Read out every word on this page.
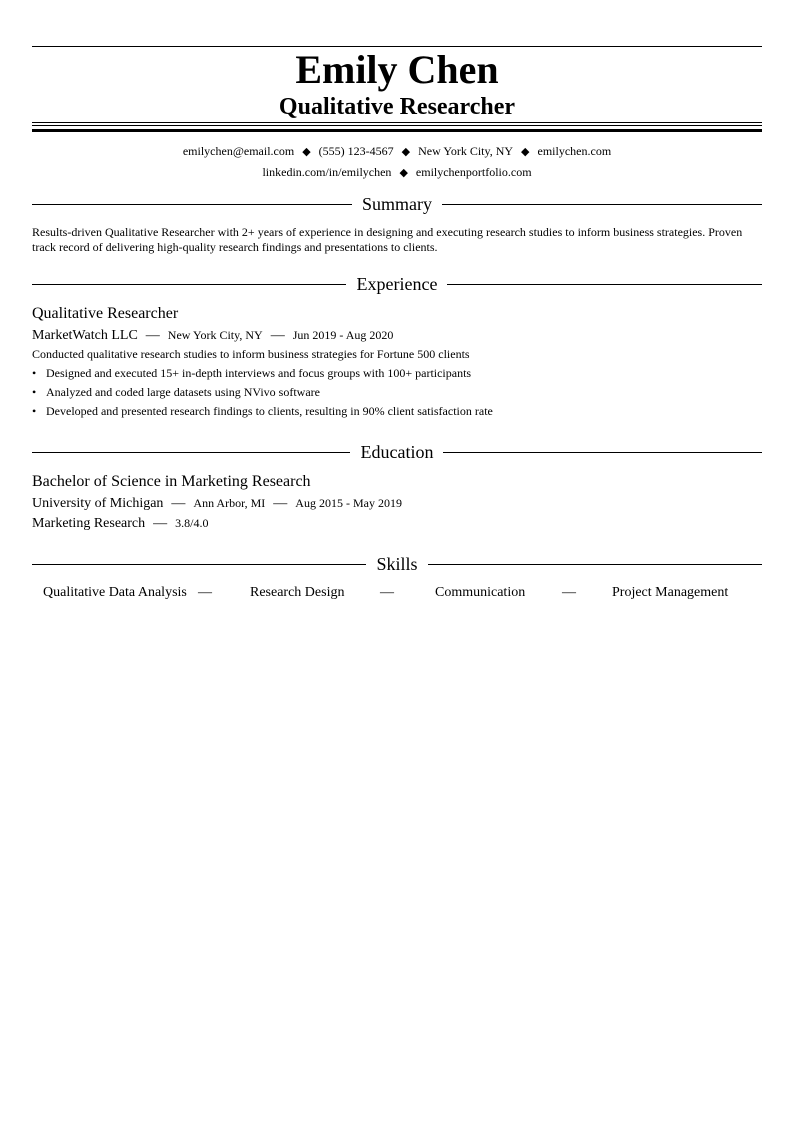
Emily Chen
Qualitative Researcher
emilychen@email.com ◆ (555) 123-4567 ◆ New York City, NY ◆ emilychen.com
linkedin.com/in/emilychen ◆ emilychenportfolio.com
Summary
Results-driven Qualitative Researcher with 2+ years of experience in designing and executing research studies to inform business strategies. Proven track record of delivering high-quality research findings and presentations to clients.
Experience
Qualitative Researcher
MarketWatch LLC — New York City, NY — Jun 2019 - Aug 2020
Conducted qualitative research studies to inform business strategies for Fortune 500 clients
• Designed and executed 15+ in-depth interviews and focus groups with 100+ participants
• Analyzed and coded large datasets using NVivo software
• Developed and presented research findings to clients, resulting in 90% client satisfaction rate
Education
Bachelor of Science in Marketing Research
University of Michigan — Ann Arbor, MI — Aug 2015 - May 2019
Marketing Research — 3.8/4.0
Skills
Qualitative Data Analysis —	Research Design	—	Communication	—	Project Management
